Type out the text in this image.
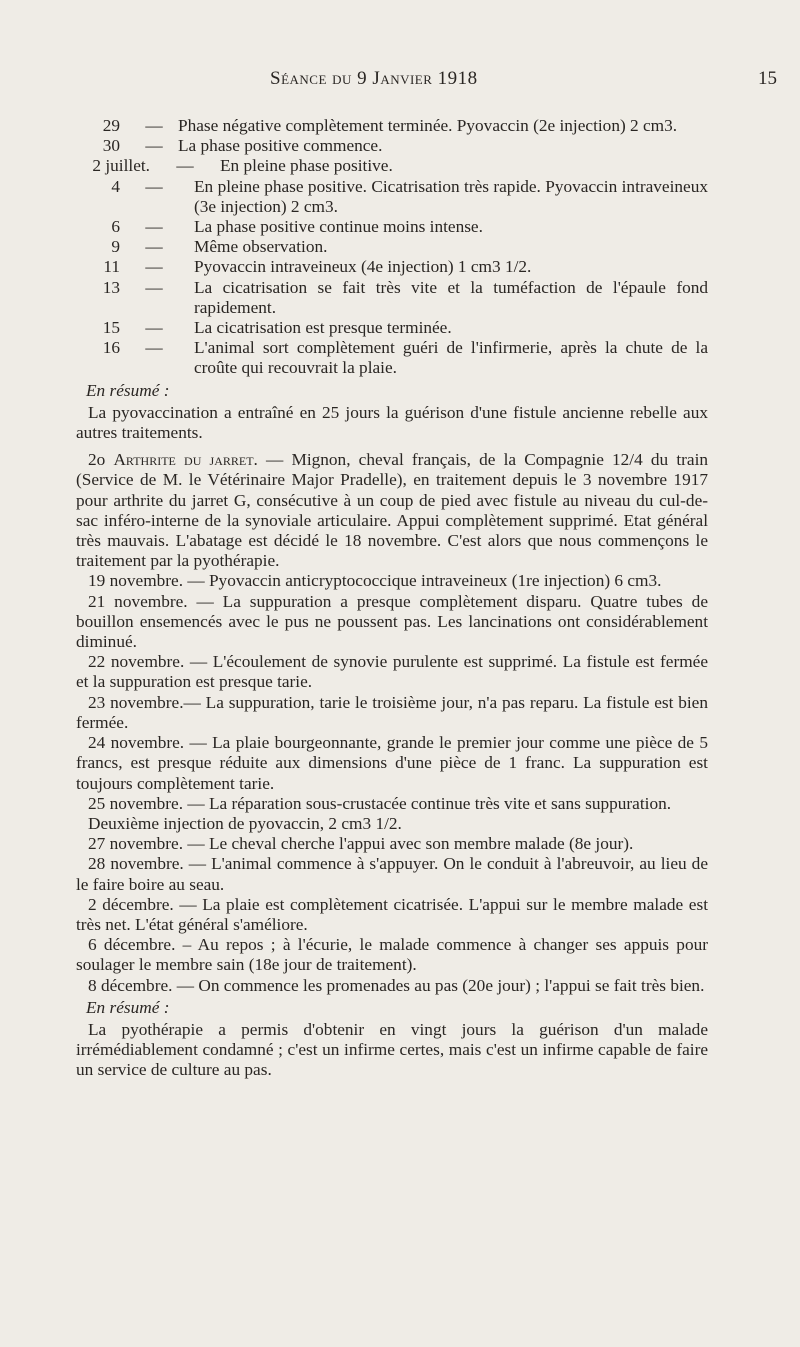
Séance du 9 Janvier 1918	15
29	— Phase négative complètement terminée. Pyovaccin (2e injection) 2 cm3.
30	— La phase positive commence.
2 juillet.	—	En pleine phase positive.
4	—	En pleine phase positive. Cicatrisation très rapide. Pyovaccin intraveineux (3e injection) 2 cm3.
6	—	La phase positive continue moins intense.
9	—	Même observation.
11	—	Pyovaccin intraveineux (4e injection) 1 cm3 1/2.
13	—	La cicatrisation se fait très vite et la tuméfaction de l'épaule fond rapidement.
15	—	La cicatrisation est presque terminée.
16	—	L'animal sort complètement guéri de l'infirmerie, après la chute de la croûte qui recouvrait la plaie.
En résumé :

La pyovaccination a entraîné en 25 jours la guérison d'une fistule ancienne rebelle aux autres traitements.

2o Arthrite du jarret. — Mignon, cheval français, de la Compagnie 12/4 du train (Service de M. le Vétérinaire Major Pradelle), en traitement depuis le 3 novembre 1917 pour arthrite du jarret G, consécutive à un coup de pied avec fistule au niveau du cul-de-sac inféro-interne de la synoviale articulaire. Appui complètement supprimé. Etat général très mauvais. L'abatage est décidé le 18 novembre. C'est alors que nous commençons le traitement par la pyothérapie.

19 novembre. — Pyovaccin anticryptococcique intraveineux (1re injection) 6 cm3.

21 novembre. — La suppuration a presque complètement disparu. Quatre tubes de bouillon ensemencés avec le pus ne poussent pas. Les lancinations ont considérablement diminué.

22 novembre. — L'écoulement de synovie purulente est supprimé. La fistule est fermée et la suppuration est presque tarie.

23 novembre.— La suppuration, tarie le troisième jour, n'a pas reparu. La fistule est bien fermée.

24 novembre. — La plaie bourgeonnante, grande le premier jour comme une pièce de 5 francs, est presque réduite aux dimensions d'une pièce de 1 franc. La suppuration est toujours complètement tarie.

25 novembre. — La réparation sous-crustacée continue très vite et sans suppuration.

Deuxième injection de pyovaccin, 2 cm3 1/2.

27 novembre. — Le cheval cherche l'appui avec son membre malade (8e jour).

28 novembre. — L'animal commence à s'appuyer. On le conduit à l'abreuvoir, au lieu de le faire boire au seau.

2 décembre. — La plaie est complètement cicatrisée. L'appui sur le membre malade est très net. L'état général s'améliore.

6 décembre. – Au repos ; à l'écurie, le malade commence à changer ses appuis pour soulager le membre sain (18e jour de traitement).

8 décembre. — On commence les promenades au pas (20e jour) ; l'appui se fait très bien.

En résumé :

La pyothérapie a permis d'obtenir en vingt jours la guérison d'un malade irrémédiablement condamné ; c'est un infirme certes, mais c'est un infirme capable de faire un service de culture au pas.
